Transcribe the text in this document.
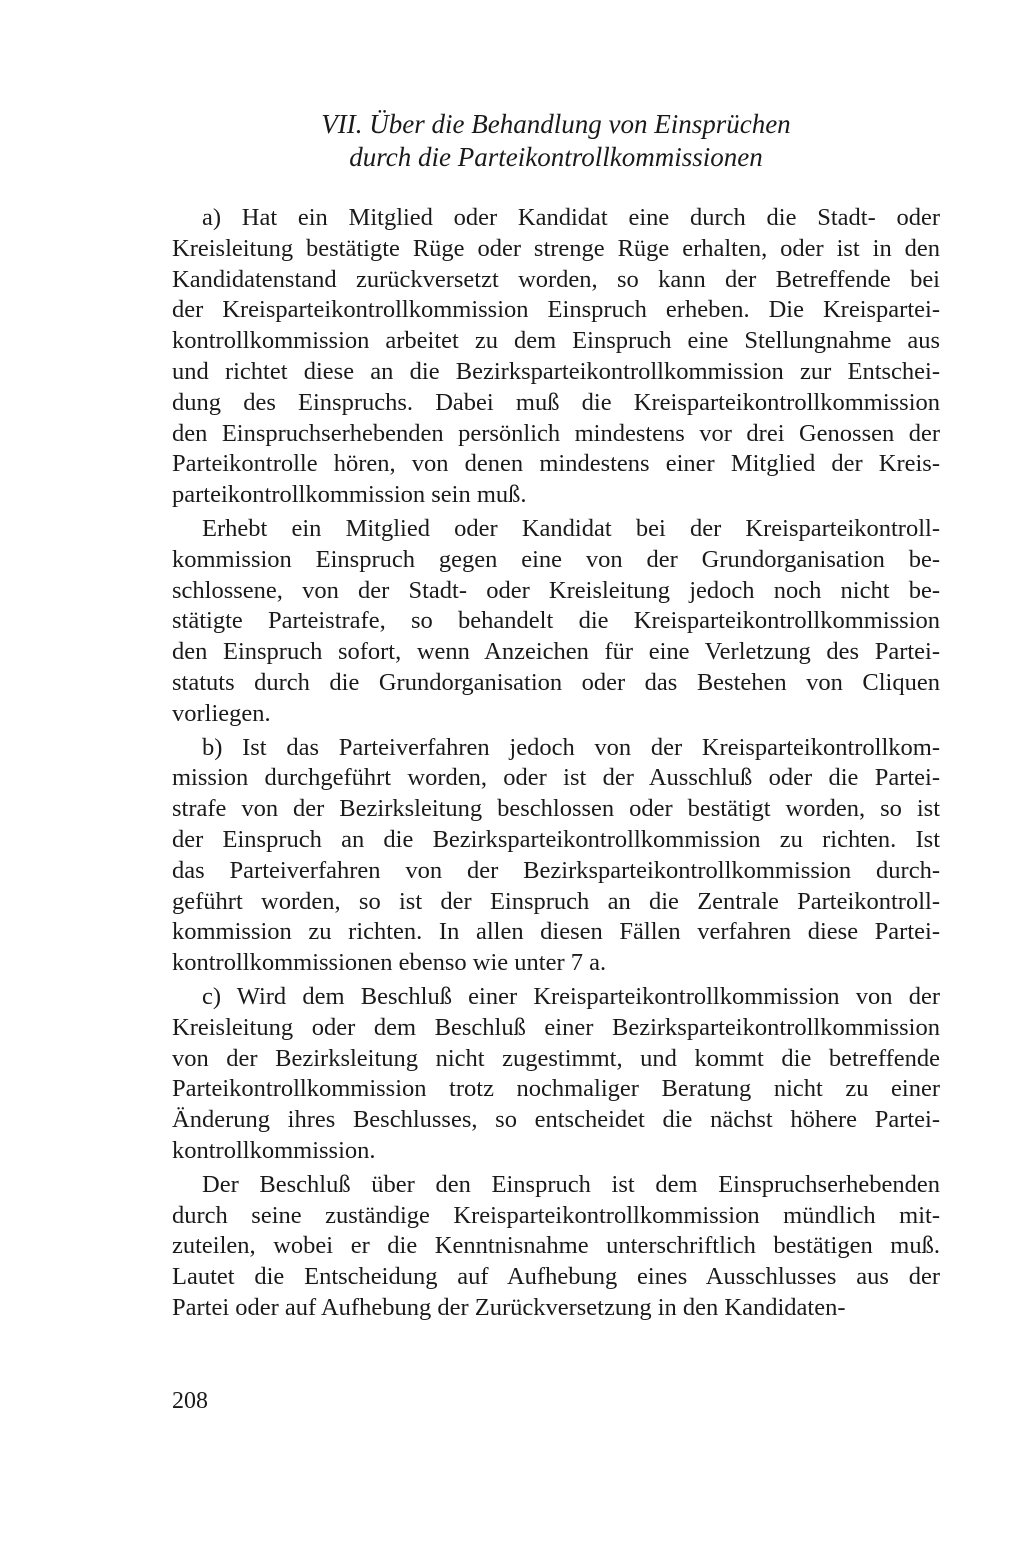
VII. Über die Behandlung von Einsprüchen
durch die Parteikontrollkommissionen
a) Hat ein Mitglied oder Kandidat eine durch die Stadt- oder
Kreisleitung bestätigte Rüge oder strenge Rüge erhalten, oder ist in den
Kandidatenstand zurückversetzt worden, so kann der Betreffende bei
der Kreisparteikontrollkommission Einspruch erheben. Die Kreispartei-
kontrollkommission arbeitet zu dem Einspruch eine Stellungnahme aus
und richtet diese an die Bezirksparteikontrollkommission zur Entschei-
dung des Einspruchs. Dabei muß die Kreisparteikontrollkommission
den Einspruchserhebenden persönlich mindestens vor drei Genossen der
Parteikontrolle hören, von denen mindestens einer Mitglied der Kreis-
parteikontrollkommission sein muß.
Erhebt ein Mitglied oder Kandidat bei der Kreisparteikontroll-
kommission Einspruch gegen eine von der Grundorganisation be-
schlossene, von der Stadt- oder Kreisleitung jedoch noch nicht be-
stätigte Parteistrafe, so behandelt die Kreisparteikontrollkommission
den Einspruch sofort, wenn Anzeichen für eine Verletzung des Partei-
statuts durch die Grundorganisation oder das Bestehen von Cliquen
vorliegen.
b) Ist das Parteiverfahren jedoch von der Kreisparteikontrollkom-
mission durchgeführt worden, oder ist der Ausschluß oder die Partei-
strafe von der Bezirksleitung beschlossen oder bestätigt worden, so ist
der Einspruch an die Bezirksparteikontrollkommission zu richten. Ist
das Parteiverfahren von der Bezirksparteikontrollkommission durch-
geführt worden, so ist der Einspruch an die Zentrale Parteikontroll-
kommission zu richten. In allen diesen Fällen verfahren diese Partei-
kontrollkommissionen ebenso wie unter 7 a.
c) Wird dem Beschluß einer Kreisparteikontrollkommission von der
Kreisleitung oder dem Beschluß einer Bezirksparteikontrollkommission
von der Bezirksleitung nicht zugestimmt, und kommt die betreffende
Parteikontrollkommission trotz nochmaliger Beratung nicht zu einer
Änderung ihres Beschlusses, so entscheidet die nächst höhere Partei-
kontrollkommission.
Der Beschluß über den Einspruch ist dem Einspruchserhebenden
durch seine zuständige Kreisparteikontrollkommission mündlich mit-
zuteilen, wobei er die Kenntnisnahme unterschriftlich bestätigen muß.
Lautet die Entscheidung auf Aufhebung eines Ausschlusses aus der
Partei oder auf Aufhebung der Zurückversetzung in den Kandidaten-
208
